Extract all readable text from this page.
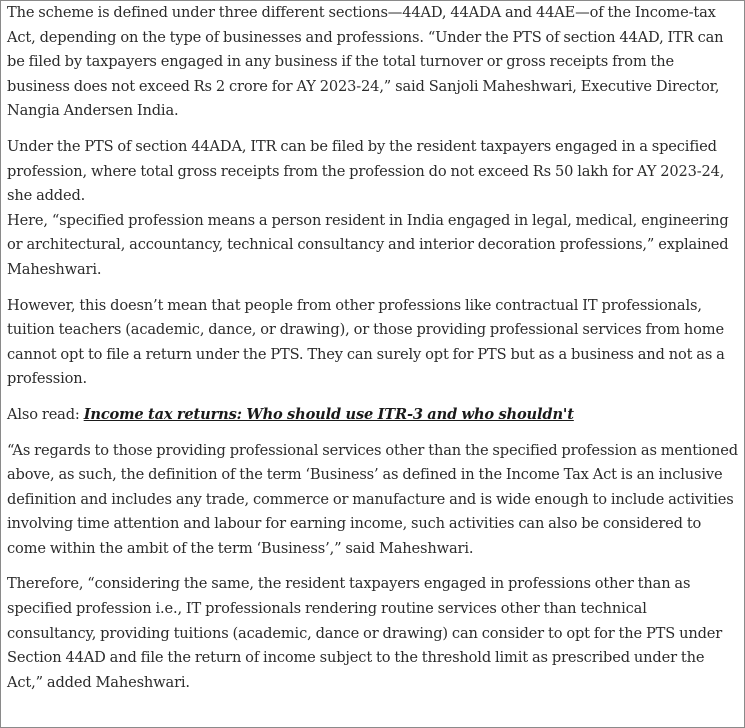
The scheme is defined under three different sections—44AD, 44ADA and 44AE—of the Income-tax Act, depending on the type of businesses and professions. “Under the PTS of section 44AD, ITR can be filed by taxpayers engaged in any business if the total turnover or gross receipts from the business does not exceed Rs 2 crore for AY 2023-24,” said Sanjoli Maheshwari, Executive Director, Nangia Andersen India.

Under the PTS of section 44ADA, ITR can be filed by the resident taxpayers engaged in a specified profession, where total gross receipts from the profession do not exceed Rs 50 lakh for AY 2023-24, she added.

Here, “specified profession means a person resident in India engaged in legal, medical, engineering or architectural, accountancy, technical consultancy and interior decoration professions,” explained Maheshwari.

However, this doesn’t mean that people from other professions like contractual IT professionals, tuition teachers (academic, dance, or drawing), or those providing professional services from home cannot opt to file a return under the PTS. They can surely opt for PTS but as a business and not as a profession.

Also read: Income tax returns: Who should use ITR-3 and who shouldn't

“As regards to those providing professional services other than the specified profession as mentioned above, as such, the definition of the term ‘Business’ as defined in the Income Tax Act is an inclusive definition and includes any trade, commerce or manufacture and is wide enough to include activities involving time attention and labour for earning income, such activities can also be considered to come within the ambit of the term ‘Business’,” said Maheshwari.

Therefore, “considering the same, the resident taxpayers engaged in professions other than as specified profession i.e., IT professionals rendering routine services other than technical consultancy, providing tuitions (academic, dance or drawing) can consider to opt for the PTS under Section 44AD and file the return of income subject to the threshold limit as prescribed under the Act,” added Maheshwari.
